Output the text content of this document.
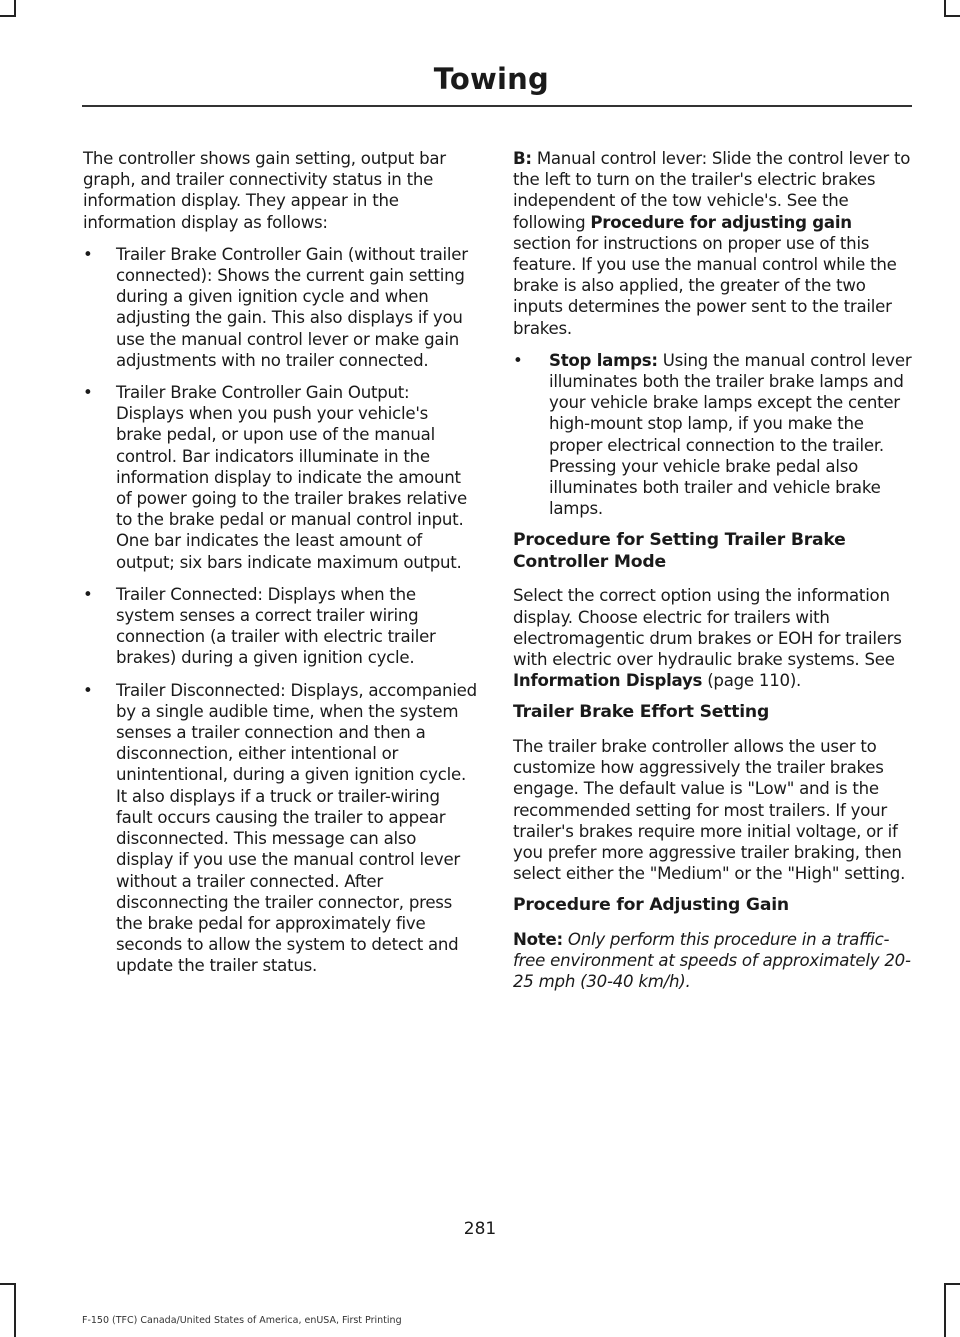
Towing

The controller shows gain setting, output bar graph, and trailer connectivity status in the information display. They appear in the information display as follows:

• Trailer Brake Controller Gain (without trailer connected): Shows the current gain setting during a given ignition cycle and when adjusting the gain. This also displays if you use the manual control lever or make gain adjustments with no trailer connected.
• Trailer Brake Controller Gain Output: Displays when you push your vehicle's brake pedal, or upon use of the manual control. Bar indicators illuminate in the information display to indicate the amount of power going to the trailer brakes relative to the brake pedal or manual control input. One bar indicates the least amount of output; six bars indicate maximum output.
• Trailer Connected: Displays when the system senses a correct trailer wiring connection (a trailer with electric trailer brakes) during a given ignition cycle.
• Trailer Disconnected: Displays, accompanied by a single audible time, when the system senses a trailer connection and then a disconnection, either intentional or unintentional, during a given ignition cycle. It also displays if a truck or trailer-wiring fault occurs causing the trailer to appear disconnected. This message can also display if you use the manual control lever without a trailer connected. After disconnecting the trailer connector, press the brake pedal for approximately five seconds to allow the system to detect and update the trailer status.

B: Manual control lever: Slide the control lever to the left to turn on the trailer's electric brakes independent of the tow vehicle's. See the following Procedure for adjusting gain section for instructions on proper use of this feature. If you use the manual control while the brake is also applied, the greater of the two inputs determines the power sent to the trailer brakes.

• Stop lamps: Using the manual control lever illuminates both the trailer brake lamps and your vehicle brake lamps except the center high-mount stop lamp, if you make the proper electrical connection to the trailer. Pressing your vehicle brake pedal also illuminates both trailer and vehicle brake lamps.
Procedure for Setting Trailer Brake Controller Mode

Select the correct option using the information display. Choose electric for trailers with electromagentic drum brakes or EOH for trailers with electric over hydraulic brake systems. See Information Displays (page 110).

Trailer Brake Effort Setting

The trailer brake controller allows the user to customize how aggressively the trailer brakes engage. The default value is "Low" and is the recommended setting for most trailers. If your trailer's brakes require more initial voltage, or if you prefer more aggressive trailer braking, then select either the "Medium" or the "High" setting.

Procedure for Adjusting Gain

Note: Only perform this procedure in a traffic-free environment at speeds of approximately 20-25 mph (30-40 km/h).

281
F-150 (TFC) Canada/United States of America, enUSA, First Printing
